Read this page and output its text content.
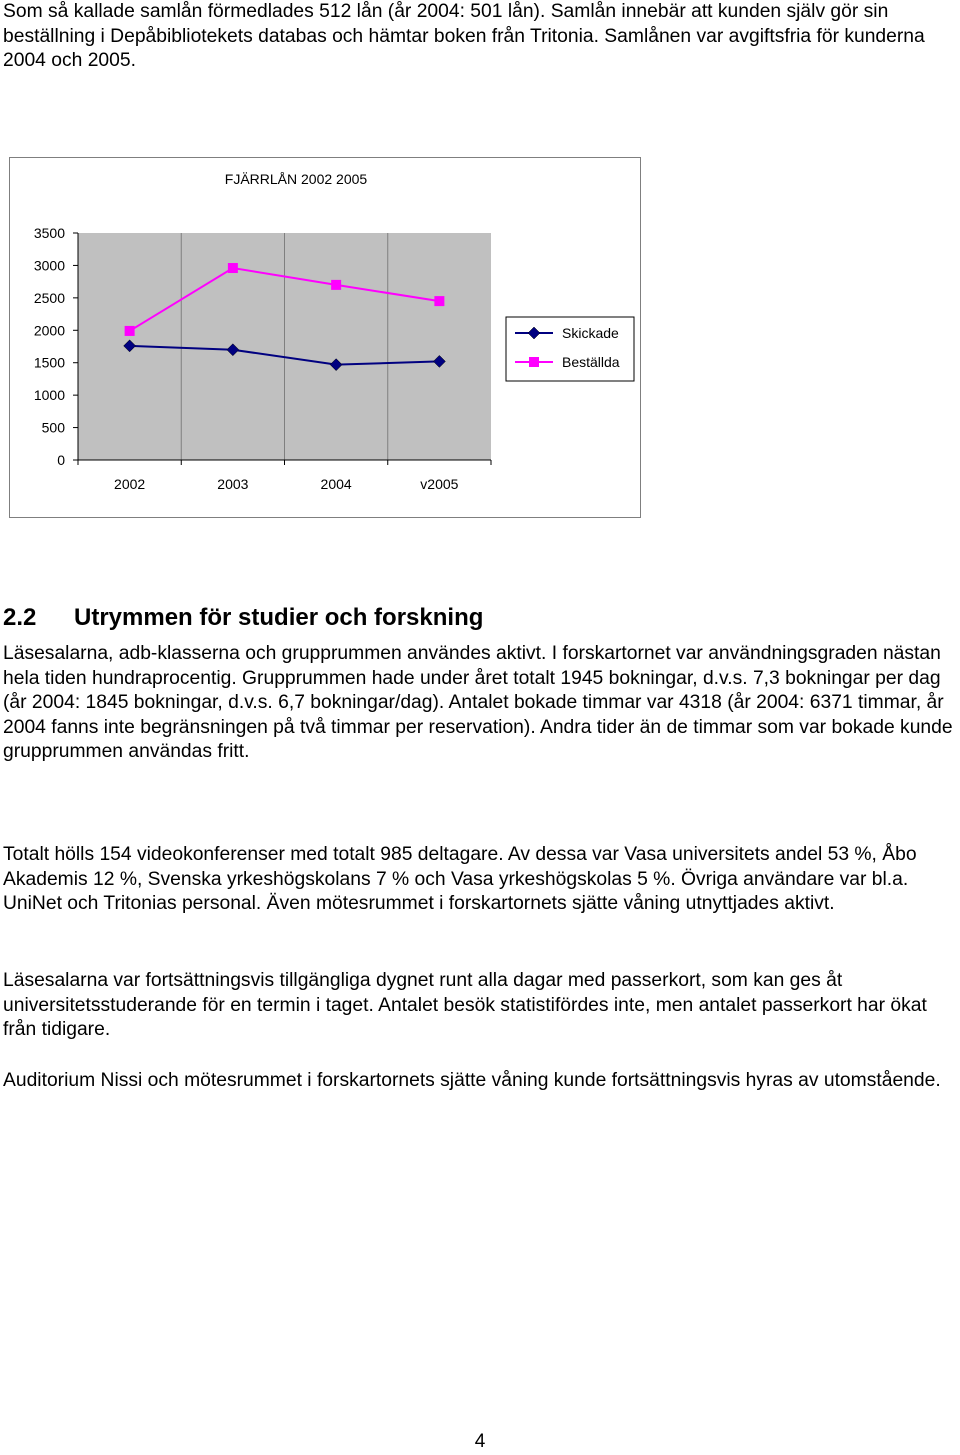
Som så kallade samlån förmedlades 512 lån (år 2004: 501 lån). Samlån innebär att kunden själv gör sin beställning i Depåbibliotekets databas och hämtar boken från Tritonia. Samlånen var avgiftsfria för kunderna 2004 och 2005.

FJÄRRLÅN 2002 2005
3500
3000
2500
2000
1500
1000
500
0
2002	2003	2004	v2005
Skickade
Beställda
2.2 Utrymmen för studier och forskning

Läsesalarna, adb-klasserna och grupprummen användes aktivt. I forskartornet var användningsgraden nästan hela tiden hundraprocentig. Grupprummen hade under året totalt 1945 bokningar, d.v.s. 7,3 bokningar per dag (år 2004: 1845 bokningar, d.v.s. 6,7 bokningar/dag). Antalet bokade timmar var 4318 (år 2004: 6371 timmar, år 2004 fanns inte begränsningen på två timmar per reservation). Andra tider än de timmar som var bokade kunde grupprummen användas fritt.

Totalt hölls 154 videokonferenser med totalt 985 deltagare. Av dessa var Vasa universitets andel 53 %, Åbo Akademis 12 %, Svenska yrkeshögskolans 7 % och Vasa yrkeshögskolas 5 %. Övriga användare var bl.a. UniNet och Tritonias personal. Även mötesrummet i forskartornets sjätte våning utnyttjades aktivt.

Läsesalarna var fortsättningsvis tillgängliga dygnet runt alla dagar med passerkort, som kan ges åt universitetsstuderande för en termin i taget. Antalet besök statistifördes inte, men antalet passerkort har ökat från tidigare.

Auditorium Nissi och mötesrummet i forskartornets sjätte våning kunde fortsättningsvis hyras av utomstående.

4
